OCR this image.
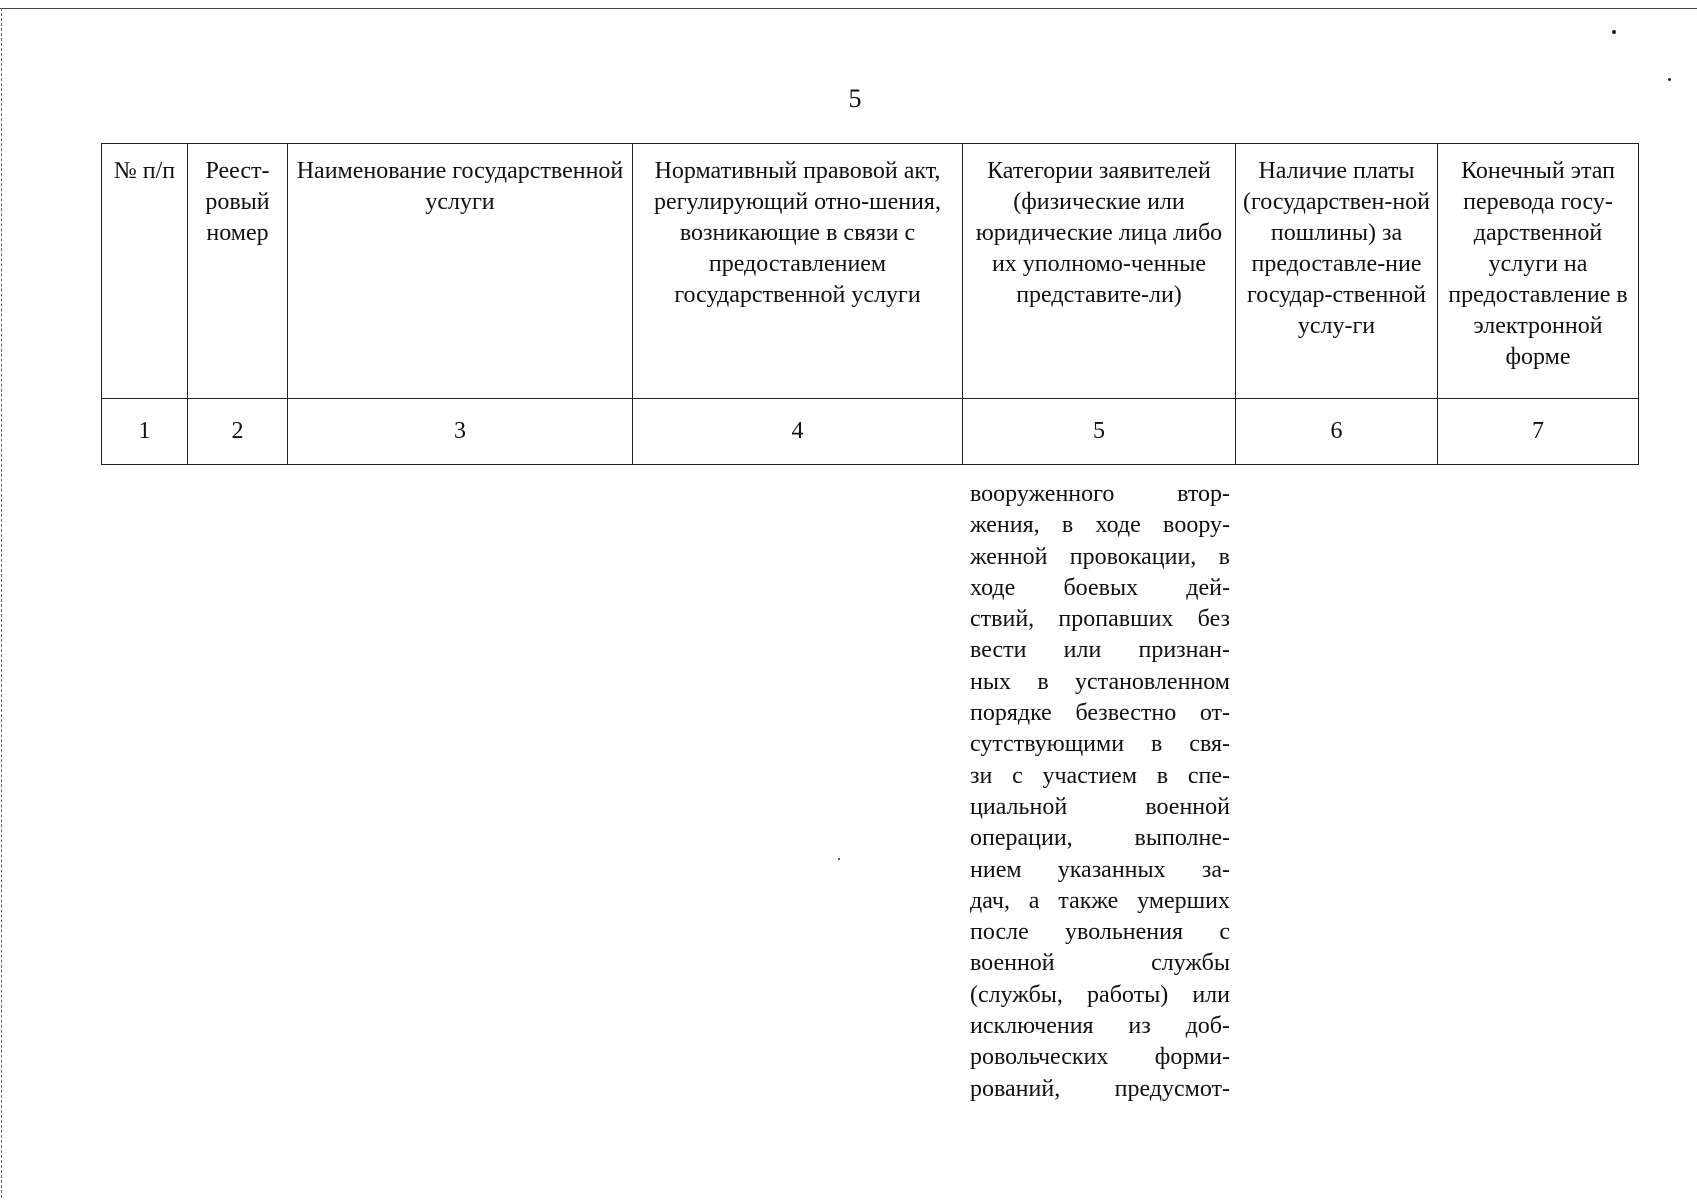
5
№ п/п	Реест-ровый номер	Наименование государственной услуги	Нормативный правовой акт, регулирующий отно-шения, возникающие в связи с предоставлением государственной услуги	Категории заявителей (физические или юридические лица либо их уполномо-ченные представите-ли)	Наличие платы (государствен-ной пошлины) за предоставле-ние государ-ственной услу-ги	Конечный этап перевода госу-дарственной услуги на предоставление в электронной форме
1	2	3	4	5	6	7
вооруженного втор-
жения, в ходе вooру-
женной провокации, в
ходе боевых дей-
ствий, пропавших без
вести или признан-
ных в установленном
порядке безвестно от-
сутствующими в свя-
зи с участием в спе-
циальной военной
операции, выполне-
нием указанных за-
дач, а также умерших
после увольнения с
военной службы
(службы, работы) или
исключения из доб-
ровольческих форми-
рований, предусмот-
